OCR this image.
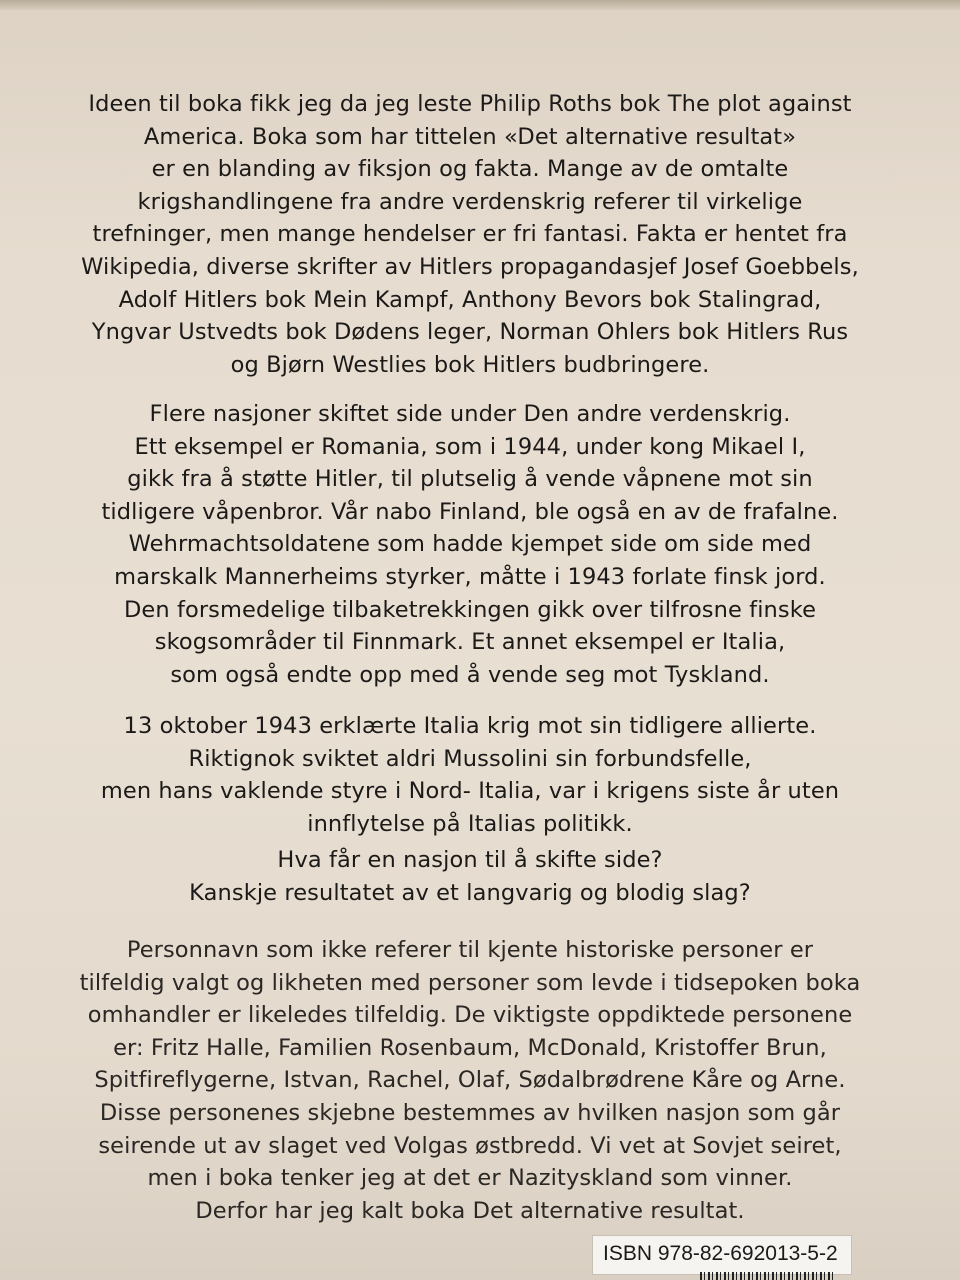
Ideen til boka fikk jeg da jeg leste Philip Roths bok The plot against
America. Boka som har tittelen «Det alternative resultat»
er en blanding av fiksjon og fakta. Mange av de omtalte
krigshandlingene fra andre verdenskrig referer til virkelige
trefninger, men mange hendelser er fri fantasi. Fakta er hentet fra
Wikipedia, diverse skrifter av Hitlers propagandasjef Josef Goebbels,
Adolf Hitlers bok Mein Kampf, Anthony Bevors bok Stalingrad,
Yngvar Ustvedts bok Dødens leger, Norman Ohlers bok Hitlers Rus
og Bjørn Westlies bok Hitlers budbringere.

Flere nasjoner skiftet side under Den andre verdenskrig.
Ett eksempel er Romania, som i 1944, under kong Mikael I,
gikk fra å støtte Hitler, til plutselig å vende våpnene mot sin
tidligere våpenbror. Vår nabo Finland, ble også en av de frafalne.
Wehrmachtsoldatene som hadde kjempet side om side med
marskalk Mannerheims styrker, måtte i 1943 forlate finsk jord.
Den forsmedelige tilbaketrekkingen gikk over tilfrosne finske
skogsområder til Finnmark. Et annet eksempel er Italia,
som også endte opp med å vende seg mot Tyskland.

13 oktober 1943 erklærte Italia krig mot sin tidligere allierte.
Riktignok sviktet aldri Mussolini sin forbundsfelle,
men hans vaklende styre i Nord- Italia, var i krigens siste år uten
innflytelse på Italias politikk.

Hva får en nasjon til å skifte side?
Kanskje resultatet av et langvarig og blodig slag?

Personnavn som ikke referer til kjente historiske personer er
tilfeldig valgt og likheten med personer som levde i tidsepoken boka
omhandler er likeledes tilfeldig. De viktigste oppdiktede personene
er: Fritz Halle, Familien Rosenbaum, McDonald, Kristoffer Brun,
Spitfireflygerne, Istvan, Rachel, Olaf, Sødalbrødrene Kåre og Arne.
Disse personenes skjebne bestemmes av hvilken nasjon som går
seirende ut av slaget ved Volgas østbredd. Vi vet at Sovjet seiret,
men i boka tenker jeg at det er Nazityskland som vinner.
Derfor har jeg kalt boka Det alternative resultat.

ISBN 978-82-692013-5-2
